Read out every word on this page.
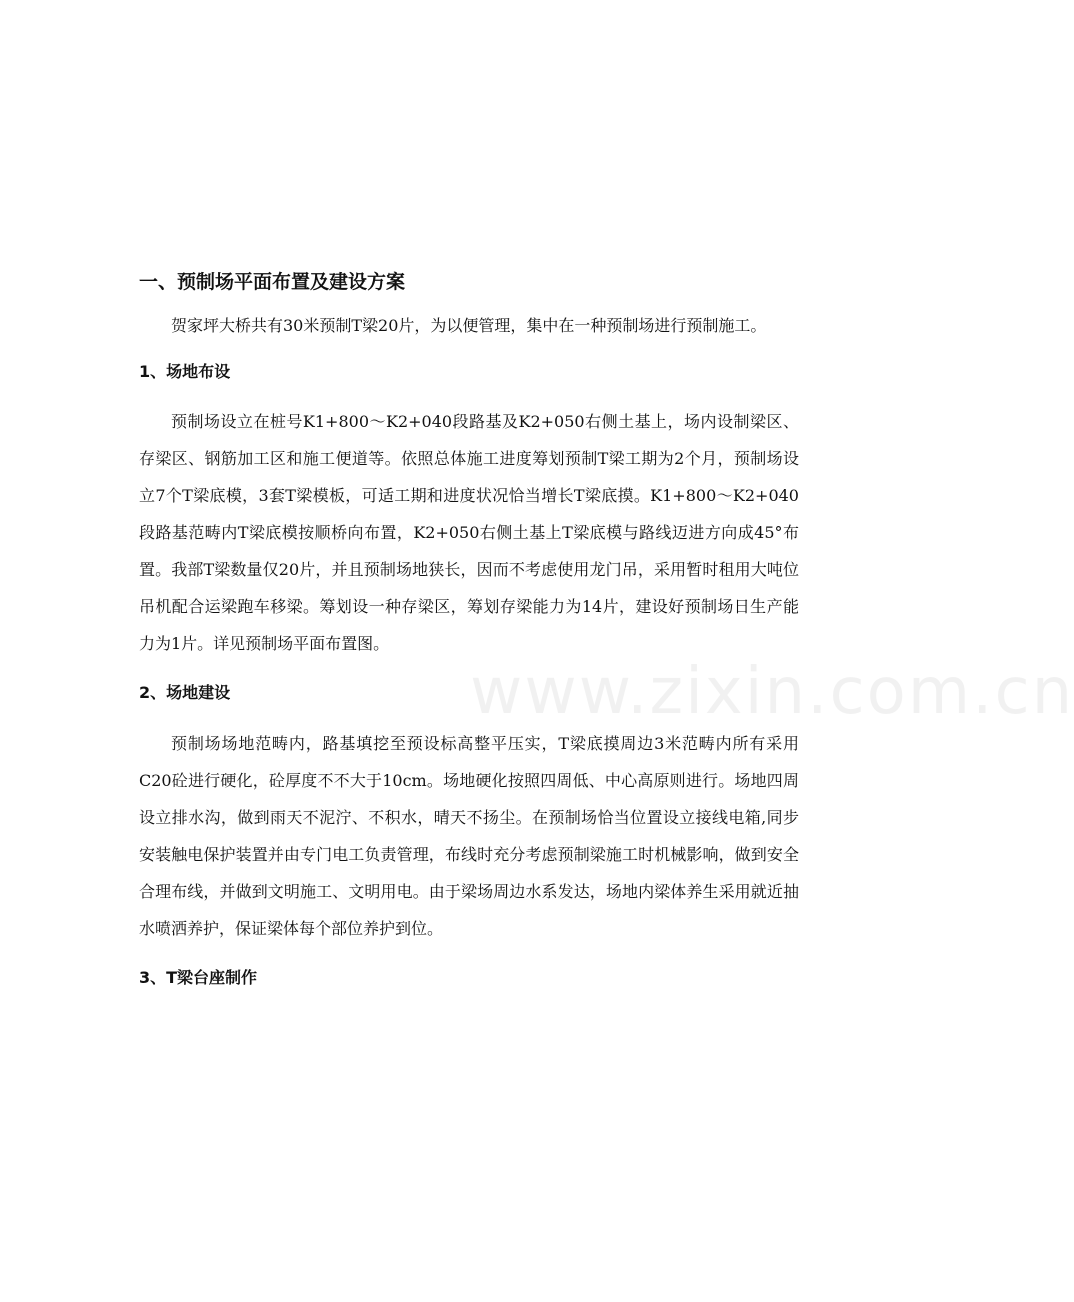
www.zixin.com.cn
一、预制场平面布置及建设方案

贺家坪大桥共有30米预制T梁20片，为以便管理，集中在一种预制场进行预制施工。

1、场地布设

预制场设立在桩号K1+800～K2+040段路基及K2+050右侧土基上，场内设制梁区、存梁区、钢筋加工区和施工便道等。依照总体施工进度筹划预制T梁工期为2个月，预制场设立7个T梁底模，3套T梁模板，可适工期和进度状况恰当增长T梁底摸。K1+800～K2+040段路基范畴内T梁底模按顺桥向布置，K2+050右侧土基上T梁底模与路线迈进方向成45°布置。我部T梁数量仅20片，并且预制场地狭长，因而不考虑使用龙门吊，采用暂时租用大吨位吊机配合运梁跑车移梁。筹划设一种存梁区，筹划存梁能力为14片，建设好预制场日生产能力为1片。详见预制场平面布置图。

2、场地建设

预制场场地范畴内，路基填挖至预设标高整平压实，T梁底摸周边3米范畴内所有采用C20砼进行硬化，砼厚度不不大于10cm。场地硬化按照四周低、中心高原则进行。场地四周设立排水沟，做到雨天不泥泞、不积水，晴天不扬尘。在预制场恰当位置设立接线电箱,同步安装触电保护装置并由专门电工负责管理，布线时充分考虑预制梁施工时机械影响，做到安全合理布线，并做到文明施工、文明用电。由于梁场周边水系发达，场地内梁体养生采用就近抽水喷洒养护，保证梁体每个部位养护到位。

3、T梁台座制作
